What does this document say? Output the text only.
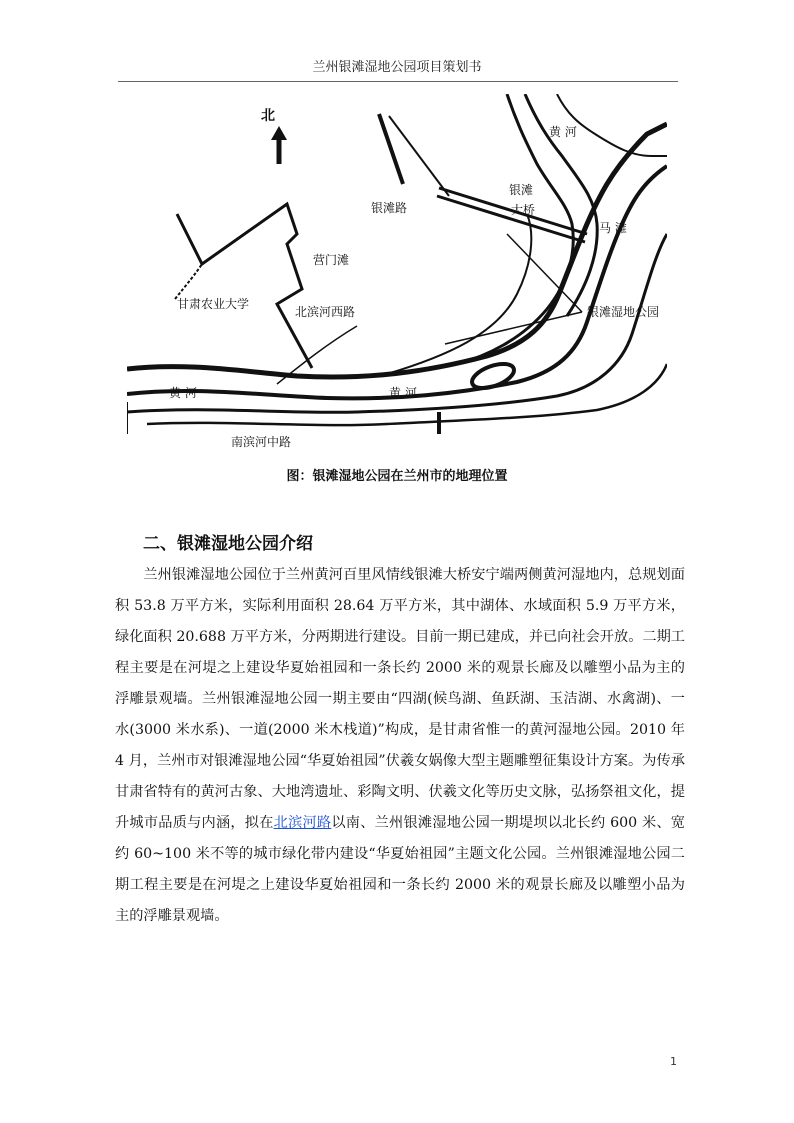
兰州银滩湿地公园项目策划书
北
黄 河
银滩路
银滩
大桥
马 滩
营门滩
甘肃农业大学
北滨河西路	银滩湿地公园
黄 河	黄 河
南滨河中路
图：银滩湿地公园在兰州市的地理位置
二、银滩湿地公园介绍

兰州银滩湿地公园位于兰州黄河百里风情线银滩大桥安宁端两侧黄河湿地内，总规划面积 53.8 万平方米，实际利用面积 28.64 万平方米，其中湖体、水域面积 5.9 万平方米，绿化面积 20.688 万平方米，分两期进行建设。目前一期已建成，并已向社会开放。二期工程主要是在河堤之上建设华夏始祖园和一条长约 2000 米的观景长廊及以雕塑小品为主的浮雕景观墙。兰州银滩湿地公园一期主要由“四湖(候鸟湖、鱼跃湖、玉洁湖、水禽湖)、一水(3000 米水系)、一道(2000 米木栈道)”构成，是甘肃省惟一的黄河湿地公园。2010 年 4 月，兰州市对银滩湿地公园“华夏始祖园”伏羲女娲像大型主题雕塑征集设计方案。为传承甘肃省特有的黄河古象、大地湾遗址、彩陶文明、伏羲文化等历史文脉，弘扬祭祖文化，提升城市品质与内涵，拟在北滨河路以南、兰州银滩湿地公园一期堤坝以北长约 600 米、宽约 60~100 米不等的城市绿化带内建设“华夏始祖园”主题文化公园。兰州银滩湿地公园二期工程主要是在河堤之上建设华夏始祖园和一条长约 2000 米的观景长廊及以雕塑小品为主的浮雕景观墙。

1
